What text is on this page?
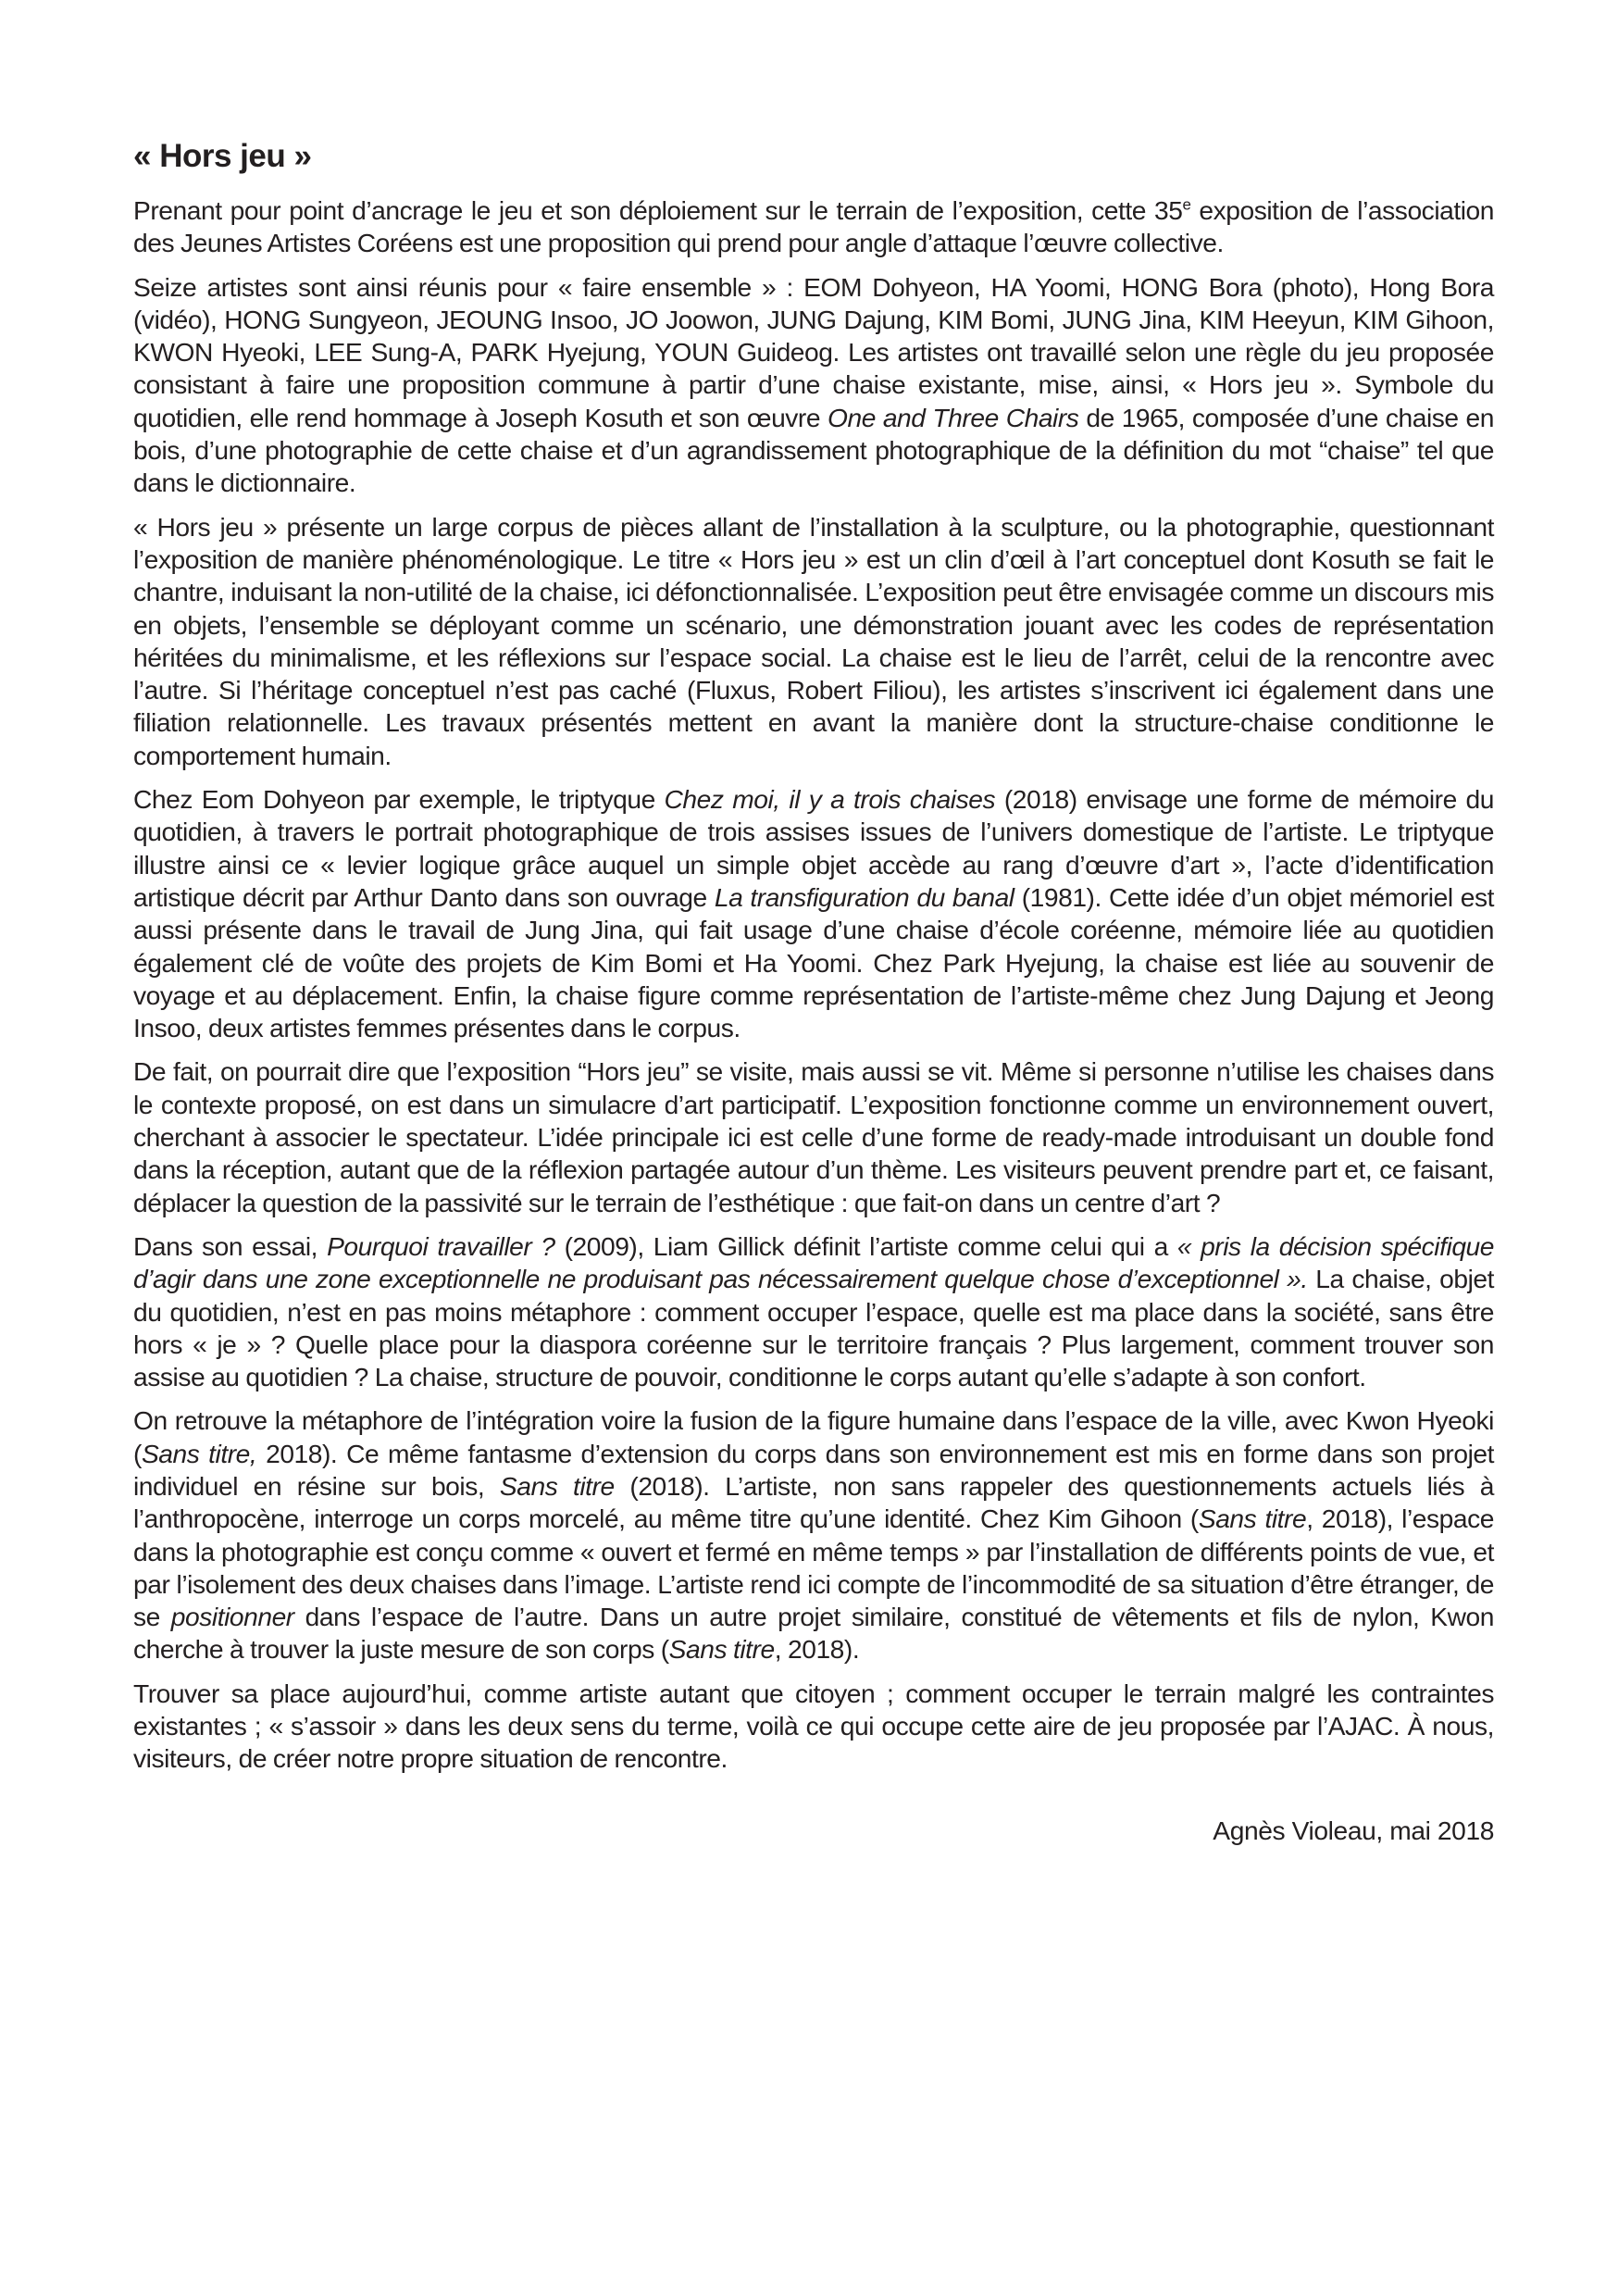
« Hors jeu »

Prenant pour point d’ancrage le jeu et son déploiement sur le terrain de l’exposition, cette 35e exposition de l’association des Jeunes Artistes Coréens est une proposition qui prend pour angle d’attaque l’œuvre collective.

Seize artistes sont ainsi réunis pour « faire ensemble » : EOM Dohyeon, HA Yoomi, HONG Bora (photo), Hong Bora (vidéo), HONG Sungyeon, JEOUNG Insoo, JO Joowon, JUNG Dajung, KIM Bomi, JUNG Jina, KIM Heeyun, KIM Gihoon, KWON Hyeoki, LEE Sung-A, PARK Hyejung, YOUN Guideog. Les artistes ont travaillé selon une règle du jeu proposée consistant à faire une proposition commune à partir d’une chaise existante, mise, ainsi, « Hors jeu ». Symbole du quotidien, elle rend hommage à Joseph Kosuth et son œuvre One and Three Chairs de 1965, composée d’une chaise en bois, d’une photographie de cette chaise et d’un agrandissement photographique de la définition du mot “chaise” tel que dans le dictionnaire.

« Hors jeu » présente un large corpus de pièces allant de l’installation à la sculpture, ou la photographie, questionnant l’exposition de manière phénoménologique. Le titre « Hors jeu » est un clin d’œil à l’art conceptuel dont Kosuth se fait le chantre, induisant la non-utilité de la chaise, ici défonctionnalisée. L’exposition peut être envisagée comme un discours mis en objets, l’ensemble se déployant comme un scénario, une démonstration jouant avec les codes de représentation héritées du minimalisme, et les réflexions sur l’espace social. La chaise est le lieu de l’arrêt, celui de la rencontre avec l’autre. Si l’héritage conceptuel n’est pas caché (Fluxus, Robert Filiou), les artistes s’inscrivent ici également dans une filiation relationnelle. Les travaux présentés mettent en avant la manière dont la structure-chaise conditionne le comportement humain.

Chez Eom Dohyeon par exemple, le triptyque Chez moi, il y a trois chaises (2018) envisage une forme de mémoire du quotidien, à travers le portrait photographique de trois assises issues de l’univers domestique de l’artiste. Le triptyque illustre ainsi ce « levier logique grâce auquel un simple objet accède au rang d’œuvre d’art », l’acte d’identification artistique décrit par Arthur Danto dans son ouvrage La transfiguration du banal (1981). Cette idée d’un objet mémoriel est aussi présente dans le travail de Jung Jina, qui fait usage d’une chaise d’école coréenne, mémoire liée au quotidien également clé de voûte des projets de Kim Bomi et Ha Yoomi. Chez Park Hyejung, la chaise est liée au souvenir de voyage et au déplacement. Enfin, la chaise figure comme représentation de l’artiste-même chez Jung Dajung et Jeong Insoo, deux artistes femmes présentes dans le corpus.

De fait, on pourrait dire que l’exposition “Hors jeu” se visite, mais aussi se vit. Même si personne n’utilise les chaises dans le contexte proposé, on est dans un simulacre d’art participatif. L’exposition fonctionne comme un environnement ouvert, cherchant à associer le spectateur. L’idée principale ici est celle d’une forme de ready-made introduisant un double fond dans la réception, autant que de la réflexion partagée autour d’un thème. Les visiteurs peuvent prendre part et, ce faisant, déplacer la question de la passivité sur le terrain de l’esthétique : que fait-on dans un centre d’art ?

Dans son essai, Pourquoi travailler ? (2009), Liam Gillick définit l’artiste comme celui qui a « pris la décision spécifique d’agir dans une zone exceptionnelle ne produisant pas nécessairement quelque chose d’exceptionnel ». La chaise, objet du quotidien, n’est en pas moins métaphore : comment occuper l’espace, quelle est ma place dans la société, sans être hors « je » ? Quelle place pour la diaspora coréenne sur le territoire français ? Plus largement, comment trouver son assise au quotidien ? La chaise, structure de pouvoir, conditionne le corps autant qu’elle s’adapte à son confort.

On retrouve la métaphore de l’intégration voire la fusion de la figure humaine dans l’espace de la ville, avec Kwon Hyeoki (Sans titre, 2018). Ce même fantasme d’extension du corps dans son environnement est mis en forme dans son projet individuel en résine sur bois, Sans titre (2018). L’artiste, non sans rappeler des questionnements actuels liés à l’anthropocène, interroge un corps morcelé, au même titre qu’une identité. Chez Kim Gihoon (Sans titre, 2018), l’espace dans la photographie est conçu comme « ouvert et fermé en même temps » par l’installation de différents points de vue, et par l’isolement des deux chaises dans l’image. L’artiste rend ici compte de l’incommodité de sa situation d’être étranger, de se positionner dans l’espace de l’autre. Dans un autre projet similaire, constitué de vêtements et fils de nylon, Kwon cherche à trouver la juste mesure de son corps (Sans titre, 2018).

Trouver sa place aujourd’hui, comme artiste autant que citoyen ; comment occuper le terrain malgré les contraintes existantes ; « s’assoir » dans les deux sens du terme, voilà ce qui occupe cette aire de jeu proposée par l’AJAC. À nous, visiteurs, de créer notre propre situation de rencontre.

Agnès Violeau, mai 2018
